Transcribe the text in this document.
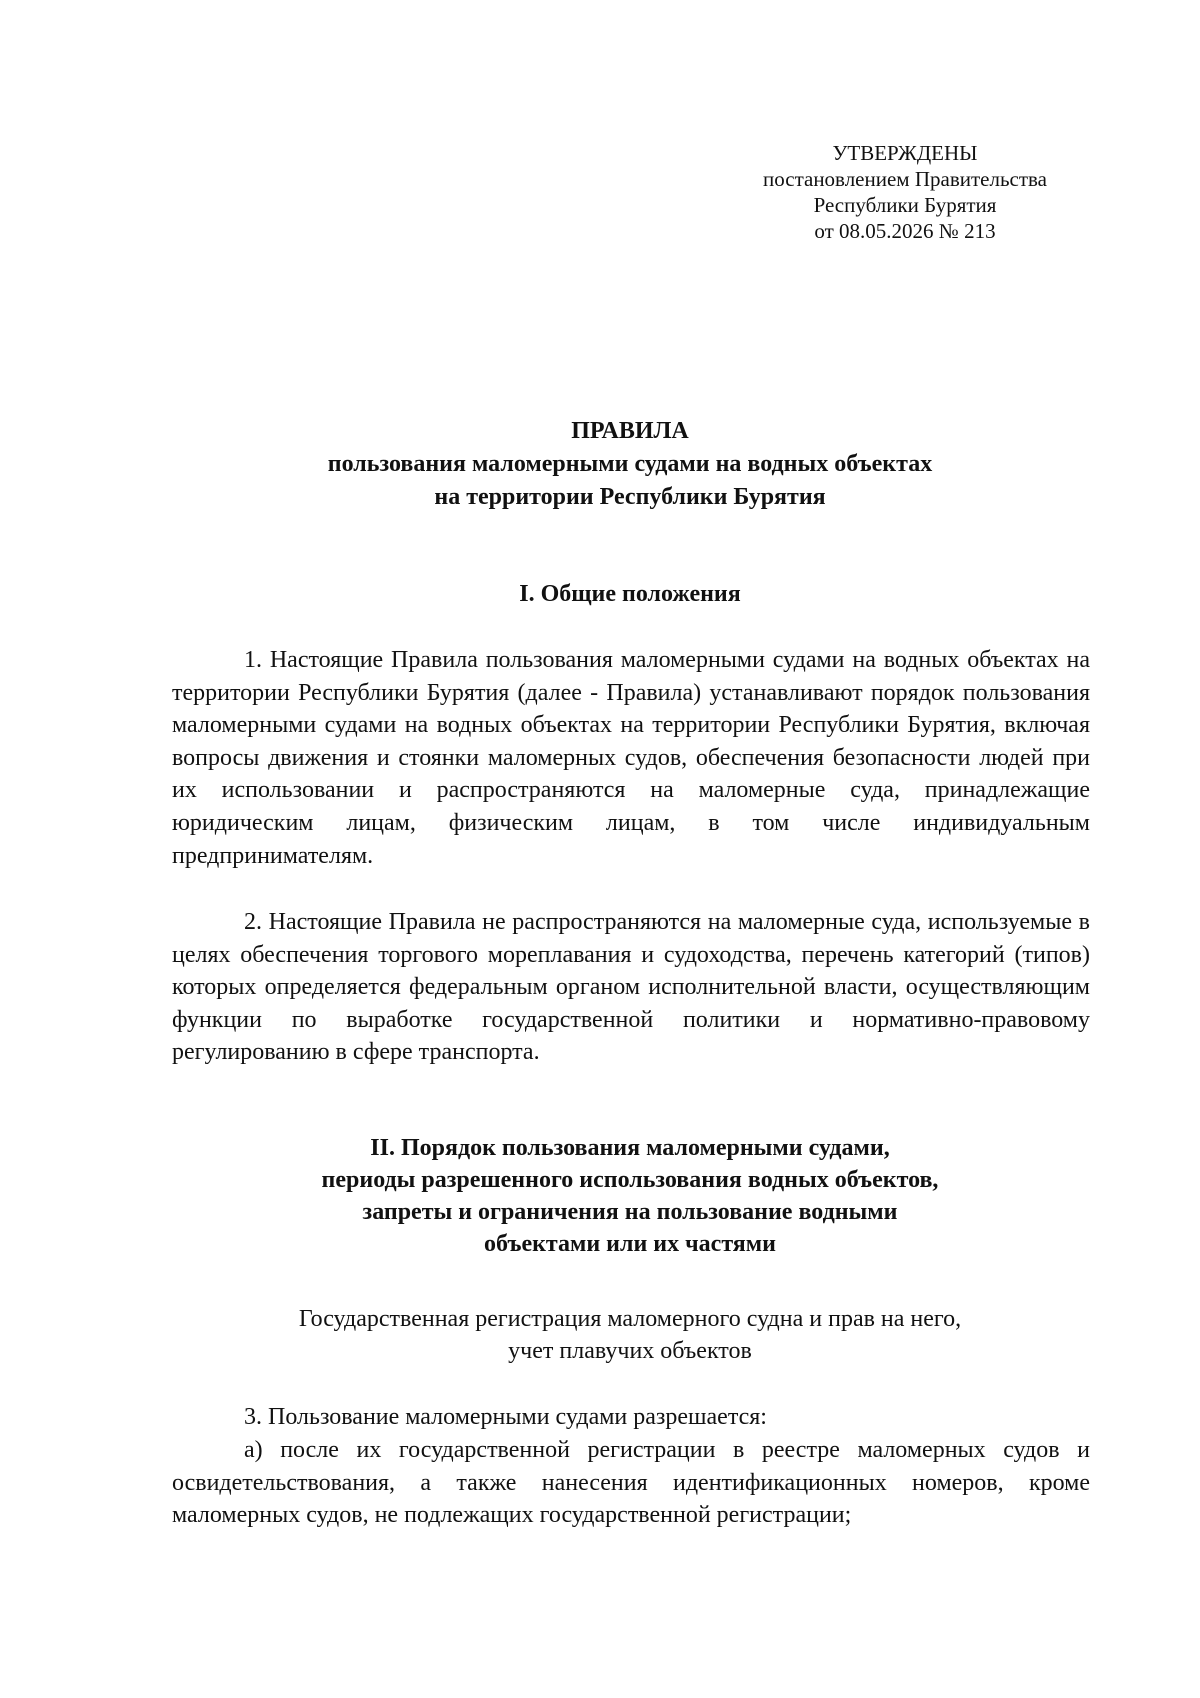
УТВЕРЖДЕНЫ
постановлением Правительства
Республики Бурятия
от 08.05.2026 № 213
ПРАВИЛА
пользования маломерными судами на водных объектах
на территории Республики Бурятия
I. Общие положения

1. Настоящие Правила пользования маломерными судами на водных объектах на территории Республики Бурятия (далее - Правила) устанавливают порядок пользования маломерными судами на водных объектах на территории Республики Бурятия, включая вопросы движения и стоянки маломерных судов, обеспечения безопасности людей при их использовании и распространяются на маломерные суда, принадлежащие юридическим лицам, физическим лицам, в том числе индивидуальным предпринимателям.

2. Настоящие Правила не распространяются на маломерные суда, используемые в целях обеспечения торгового мореплавания и судоходства, перечень категорий (типов) которых определяется федеральным органом исполнительной власти, осуществляющим функции по выработке государственной политики и нормативно-правовому регулированию в сфере транспорта.

II. Порядок пользования маломерными судами,
периоды разрешенного использования водных объектов,
запреты и ограничения на пользование водными
объектами или их частями
Государственная регистрация маломерного судна и прав на него,
учет плавучих объектов

3. Пользование маломерными судами разрешается:

а) после их государственной регистрации в реестре маломерных судов и освидетельствования, а также нанесения идентификационных номеров, кроме маломерных судов, не подлежащих государственной регистрации;
